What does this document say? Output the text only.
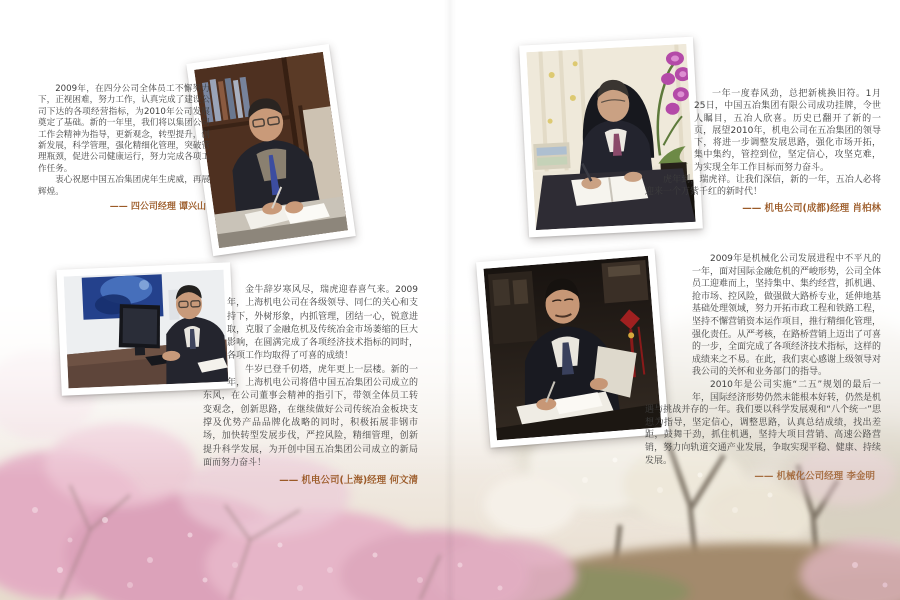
2009年，在四分公司全体员工不懈努力下，正视困难，努力工作，认真完成了建设公司下达的各项经营指标，为2010年公司发展奠定了基础。新的一年里，我们将以集团公司工作会精神为指导，更新观念，转型提升，创新发展，科学管理，强化精细化管理，突破管理瓶颈，促进公司健康运行，努力完成各项工作任务。

衷心祝愿中国五冶集团虎年生虎威，再展辉煌。

—— 四公司经理 谭兴山

金牛辞岁寒风尽，瑞虎迎春喜气来。2009年，上海机电公司在各级领导、同仁的关心和支持下，外树形象，内抓管理，团结一心，锐意进取，克服了金融危机及传统冶金市场萎缩的巨大影响，在圆满完成了各项经济技术指标的同时，各项工作均取得了可喜的成绩！

牛岁已登千仞塔，虎年更上一层楼。新的一年，上海机电公司将借中国五冶集团公司成立的东风，在公司董事会精神的指引下，带领全体员工转变观念，创新思路，在继续做好公司传统冶金板块支撑及优势产品品牌化战略的同时，积极拓展非钢市场，加快转型发展步伐，严控风险，精细管理，创新提升科学发展，为开创中国五冶集团公司成立的新局面而努力奋斗！

—— 机电公司(上海)经理 何文清

一年一度春风劲，总把新桃换旧符。1月25日，中国五冶集团有限公司成功挂牌，令世人瞩目，五冶人欣喜。历史已翻开了新的一页，展望2010年，机电公司在五冶集团的领导下，将进一步调整发展思路，强化市场开拓，集中集约，管控到位，坚定信心，攻坚克难，为实现全年工作目标而努力奋斗。

虎年到，瑞虎祥。让我们深信，新的一年，五冶人必将迎来一个万紫千红的新时代！

—— 机电公司(成都)经理 肖柏林

2009年是机械化公司发展进程中不平凡的一年，面对国际金融危机的严峻形势，公司全体员工迎难而上，坚持集中、集约经营，抓机遇、抢市场、控风险，做强做大路桥专业，延伸地基基础处理领域，努力开拓市政工程和铁路工程，坚持不懈营销资本运作项目，推行精细化管理，强化责任。从严考核，在路桥营销上迈出了可喜的一步，全面完成了各项经济技术指标，这样的成绩来之不易。在此，我们衷心感谢上级领导对我公司的关怀和业务部门的指导。

2010年是公司实施“二五”规划的最后一年，国际经济形势仍然未能根本好转，仍然是机遇与挑战并存的一年。我们要以科学发展观和“八个统一”思想为指导，坚定信心，调整思路，认真总结成绩，找出差距，鼓舞干劲，抓住机遇，坚持大项目营销、高速公路营销，努力向轨道交通产业发展，争取实现平稳、健康、持续发展。

—— 机械化公司经理 李金明
